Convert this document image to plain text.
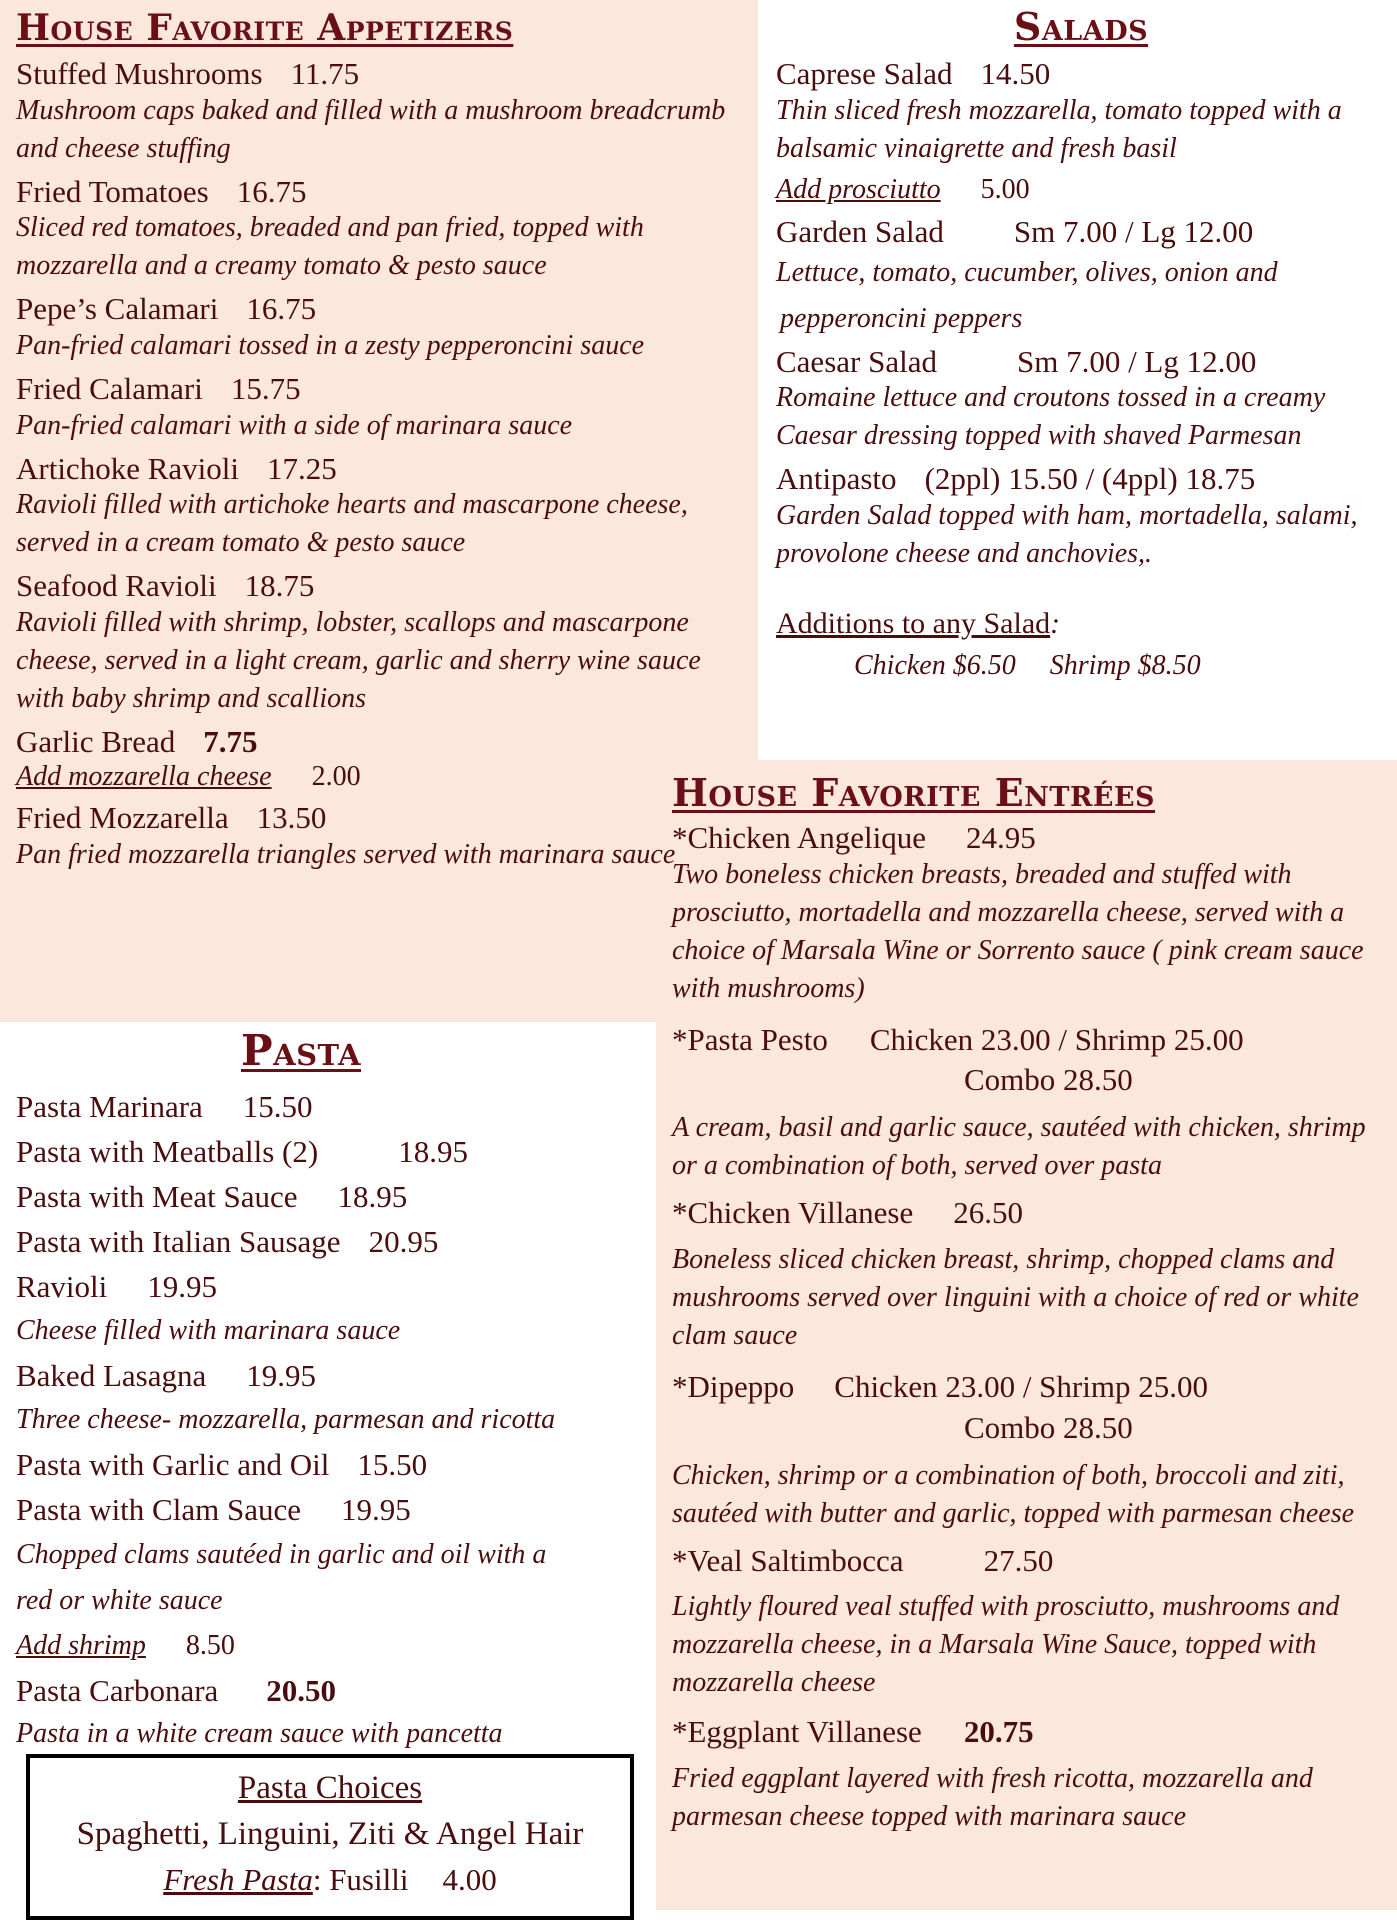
House Favorite Appetizers
Stuffed Mushrooms 11.75
Mushroom caps baked and filled with a mushroom breadcrumb and cheese stuffing
Fried Tomatoes 16.75
Sliced red tomatoes, breaded and pan fried, topped with mozzarella and a creamy tomato & pesto sauce
Pepe’s Calamari 16.75
Pan-fried calamari tossed in a zesty pepperoncini sauce
Fried Calamari 15.75
Pan-fried calamari with a side of marinara sauce
Artichoke Ravioli 17.25
Ravioli filled with artichoke hearts and mascarpone cheese, served in a cream tomato & pesto sauce
Seafood Ravioli 18.75
Ravioli filled with shrimp, lobster, scallops and mascarpone cheese, served in a light cream, garlic and sherry wine sauce with baby shrimp and scallions
Garlic Bread 7.75
Add mozzarella cheese 2.00
Fried Mozzarella 13.50
Pan fried mozzarella triangles served with marinara sauce
Salads
Caprese Salad 14.50
Thin sliced fresh mozzarella, tomato topped with a balsamic vinaigrette and fresh basil
Add prosciutto 5.00
Garden Salad Sm 7.00 / Lg 12.00
Lettuce, tomato, cucumber, olives, onion and
pepperoncini peppers
Caesar Salad	Sm 7.00 / Lg 12.00
Romaine lettuce and croutons tossed in a creamy Caesar dressing topped with shaved Parmesan
Antipasto (2ppl) 15.50 / (4ppl) 18.75
Garden Salad topped with ham, mortadella, salami, provolone cheese and anchovies,.
Additions to any Salad:
Chicken $6.50 Shrimp $8.50
Pasta
Pasta Marinara 15.50
Pasta with Meatballs (2)	18.95
Pasta with Meat Sauce 18.95
Pasta with Italian Sausage 20.95
Ravioli 19.95
Cheese filled with marinara sauce
Baked Lasagna 19.95
Three cheese- mozzarella, parmesan and ricotta
Pasta with Garlic and Oil 15.50
Pasta with Clam Sauce 19.95
Chopped clams sautéed in garlic and oil with a
red or white sauce
Add shrimp 8.50
Pasta Carbonara 20.50
Pasta in a white cream sauce with pancetta
Pasta Choices
Spaghetti, Linguini, Ziti & Angel Hair
Fresh Pasta: Fusilli 4.00
House Favorite Entrées
*Chicken Angelique 24.95
Two boneless chicken breasts, breaded and stuffed with prosciutto, mortadella and mozzarella cheese, served with a choice of Marsala Wine or Sorrento sauce ( pink cream sauce with mushrooms)
*Pasta Pesto Chicken 23.00 / Shrimp 25.00
Combo 28.50
A cream, basil and garlic sauce, sautéed with chicken, shrimp or a combination of both, served over pasta
*Chicken Villanese 26.50
Boneless sliced chicken breast, shrimp, chopped clams and mushrooms served over linguini with a choice of red or white clam sauce
*Dipeppo Chicken 23.00 / Shrimp 25.00
Combo 28.50
Chicken, shrimp or a combination of both, broccoli and ziti, sautéed with butter and garlic, topped with parmesan cheese
*Veal Saltimbocca	27.50
Lightly floured veal stuffed with prosciutto, mushrooms and mozzarella cheese, in a Marsala Wine Sauce, topped with mozzarella cheese
*Eggplant Villanese 20.75
Fried eggplant layered with fresh ricotta, mozzarella and parmesan cheese topped with marinara sauce
